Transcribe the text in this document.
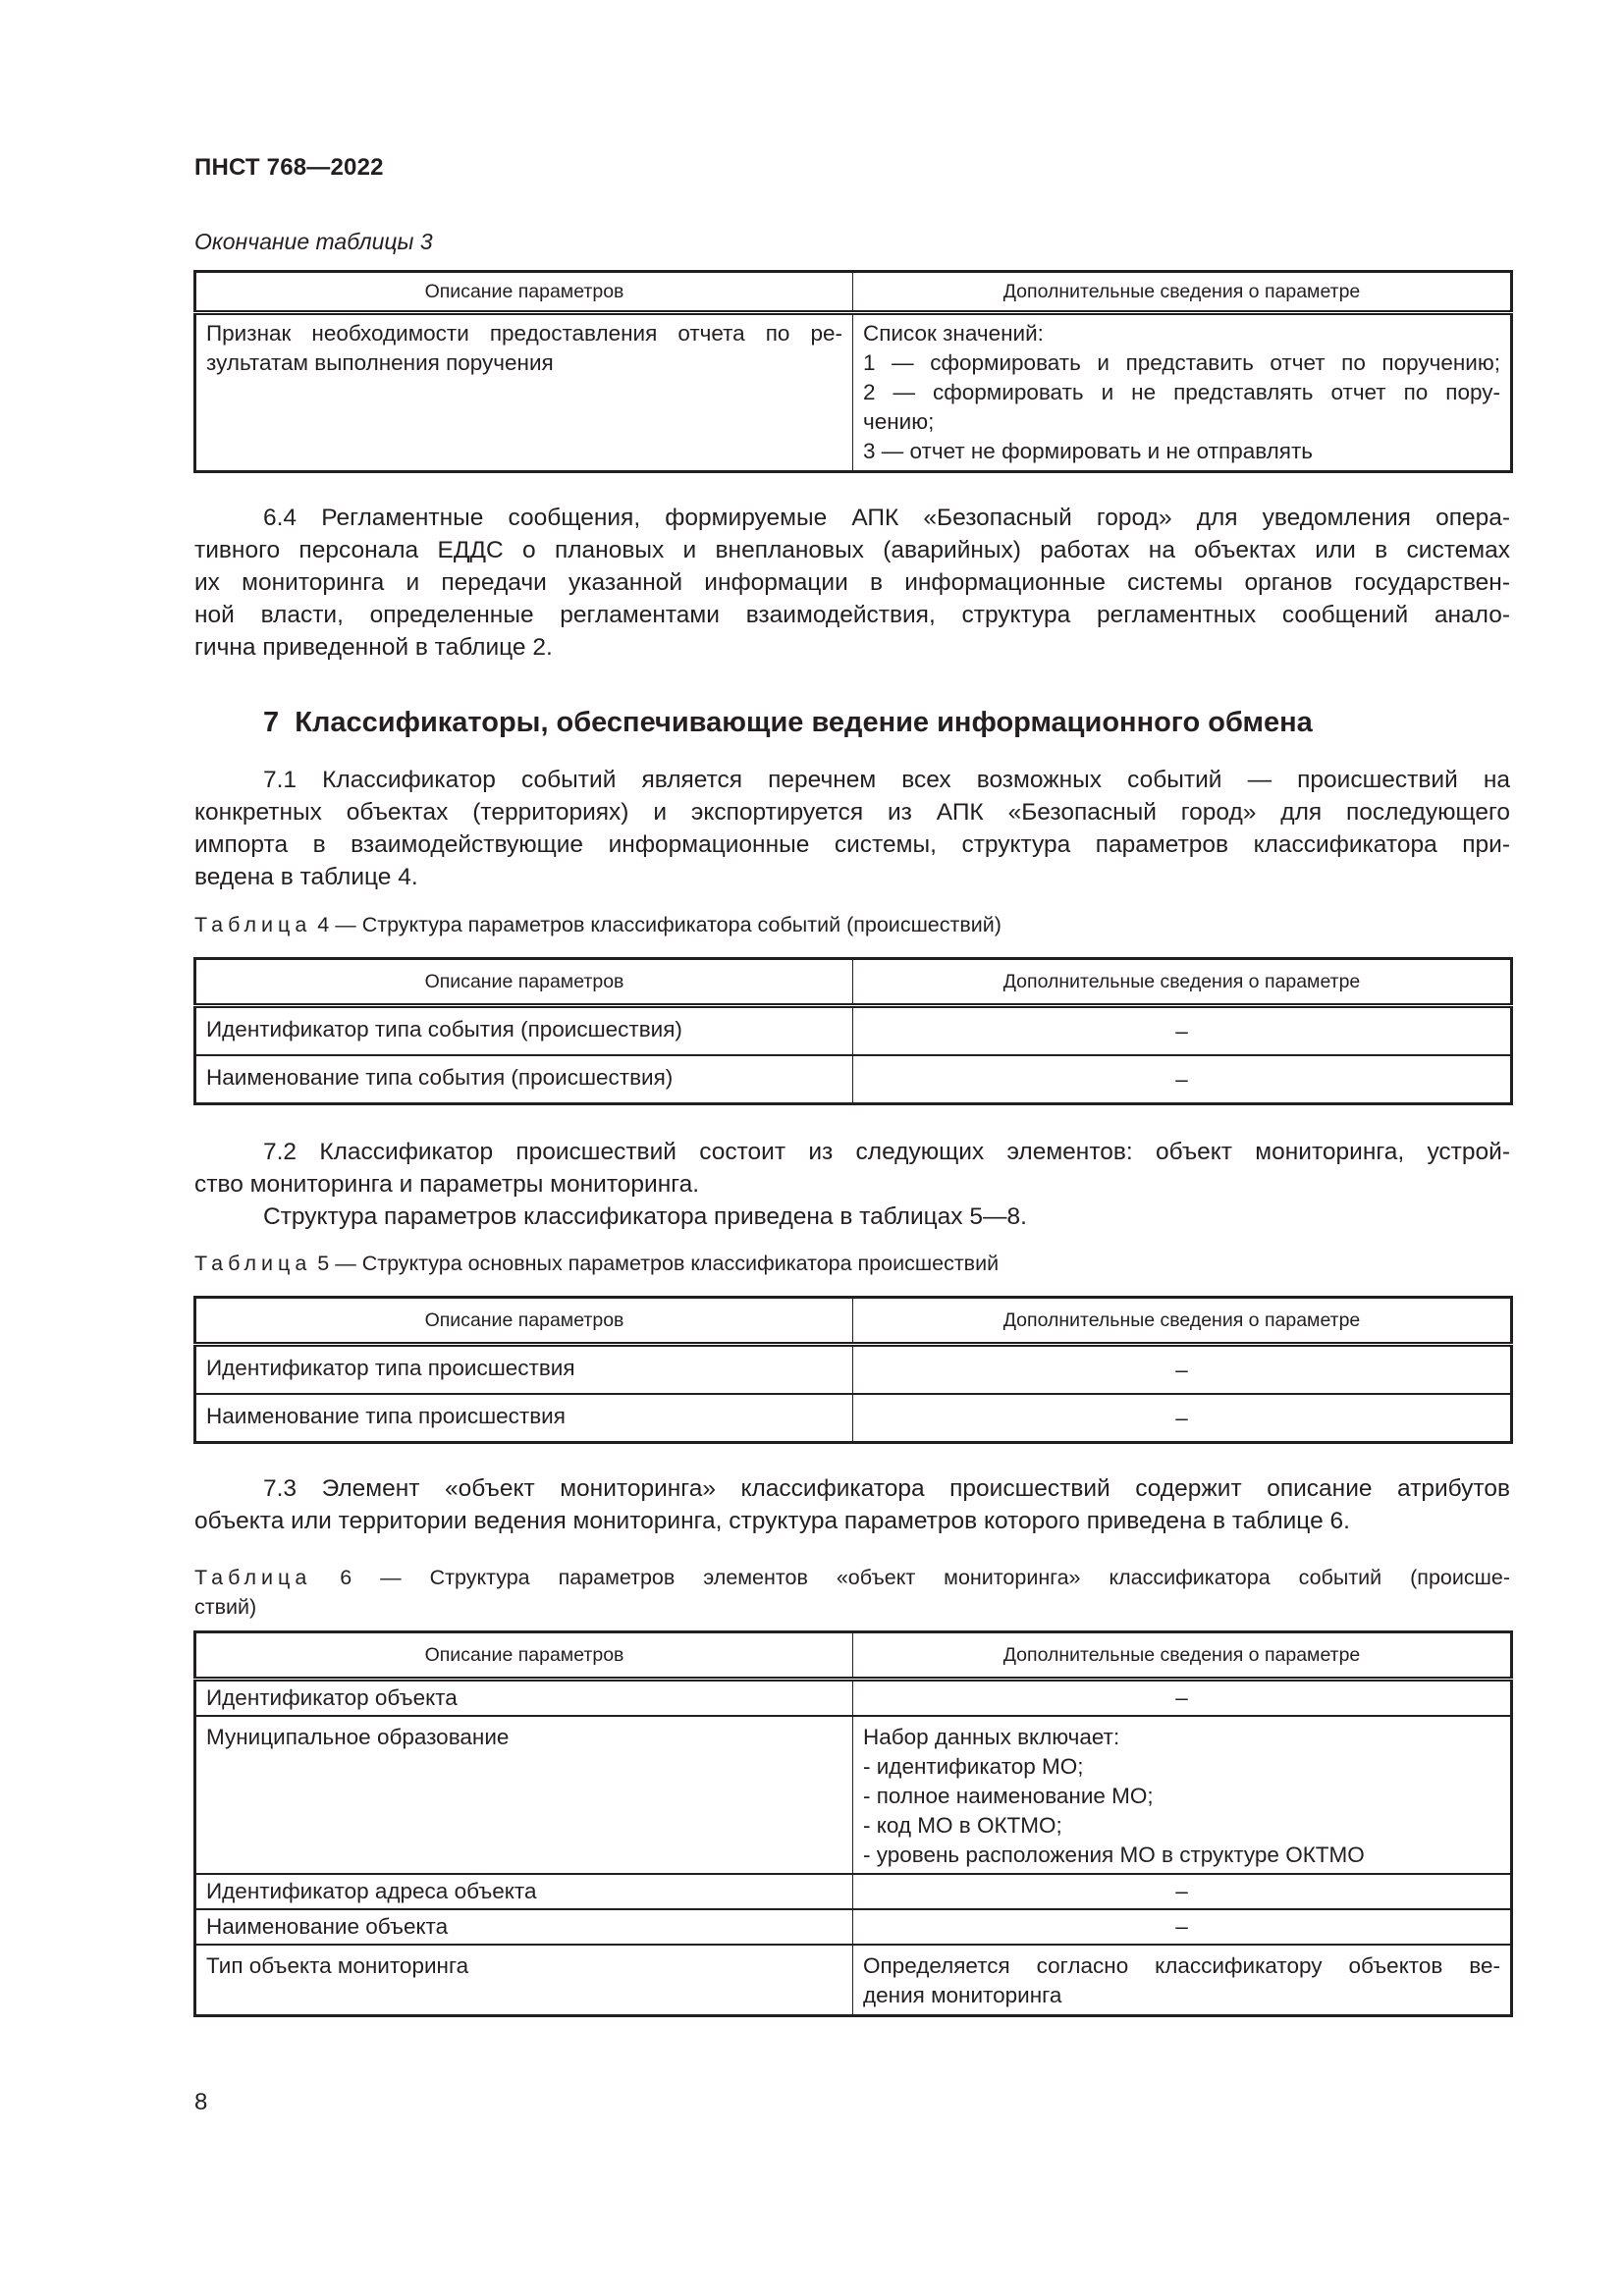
ПНСТ 768—2022
Окончание таблицы 3
Описание параметров	Дополнительные сведения о параметре

Признак необходимости предоставления отчета по ре-
зультатам выполнения поручения	Список значений:
1 — сформировать и представить отчет по поручению;
2 — сформировать и не представлять отчет по пору-
чению;
3 — отчет не формировать и не отправлять
6.4 Регламентные сообщения, формируемые АПК «Безопасный город» для уведомления опера-
тивного персонала ЕДДС о плановых и внеплановых (аварийных) работах на объектах или в системах
их мониторинга и передачи указанной информации в информационные системы органов государствен-
ной власти, определенные регламентами взаимодействия, структура регламентных сообщений анало-
гична приведенной в таблице 2.
7  Классификаторы, обеспечивающие ведение информационного обмена
7.1 Классификатор событий является перечнем всех возможных событий — происшествий на
конкретных объектах (территориях) и экспортируется из АПК «Безопасный город» для последующего
импорта в взаимодействующие информационные системы, структура параметров классификатора при-
ведена в таблице 4.
Таблица 4 — Структура параметров классификатора событий (происшествий)
Описание параметров	Дополнительные сведения о параметре
Идентификатор типа события (происшествия)	–
Наименование типа события (происшествия)	–
7.2 Классификатор происшествий состоит из следующих элементов: объект мониторинга, устрой-
ство мониторинга и параметры мониторинга.
Структура параметров классификатора приведена в таблицах 5—8.
Таблица 5 — Структура основных параметров классификатора происшествий
Описание параметров	Дополнительные сведения о параметре
Идентификатор типа происшествия	–
Наименование типа происшествия	–
7.3 Элемент «объект мониторинга» классификатора происшествий содержит описание атрибутов
объекта или территории ведения мониторинга, структура параметров которого приведена в таблице 6.
Таблица 6 — Структура параметров элементов «объект мониторинга» классификатора событий (происше-
ствий)
Описание параметров	Дополнительные сведения о параметре
Идентификатор объекта	–
Муниципальное образование	Набор данных включает:
- идентификатор МО;
- полное наименование МО;
- код МО в ОКТМО;
- уровень расположения МО в структуре ОКТМО

Идентификатор адреса объекта	–
Наименование объекта	–
Тип объекта мониторинга	Определяется согласно классификатору объектов ве-
дения мониторинга
8
